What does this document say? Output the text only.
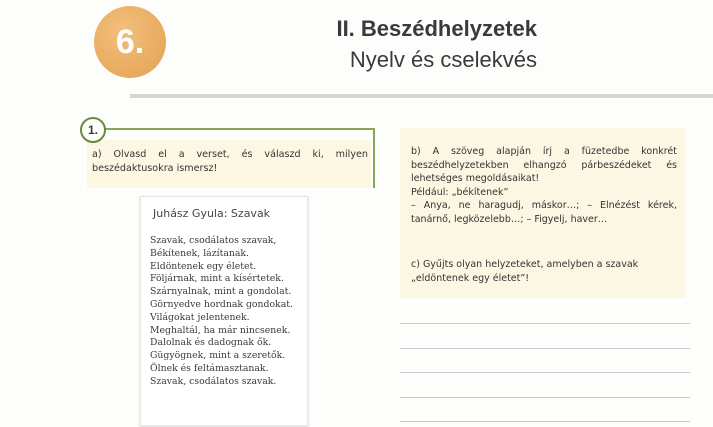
6.	II. Beszédhelyzetek
Nyelv és cselekvés
1.
a) Olvasd el a verset, és válaszd ki, milyen beszédaktusokra ismersz!
b) A szöveg alapján írj a füzetedbe konkrét beszédhelyzetekben elhangzó párbeszédeket és lehetséges megoldásaikat!
Például: „békítenek”
– Anya, ne haragudj, máskor…; – Elnézést kérek, tanárnő, legközelebb…; – Figyelj, haver…
c) Gyűjts olyan helyzeteket, amelyben a szavak „eldöntenek egy életet”!
Juhász Gyula: Szavak
Szavak, csodálatos szavak,
Békítenek, lázítanak.
Eldöntenek egy életet.
Följárnak, mint a kísértetek.
Szárnyalnak, mint a gondolat.
Görnyedve hordnak gondokat.
Világokat jelentenek.
Meghaltál, ha már nincsenek.
Dalolnak és dadognak ők.
Gügyögnek, mint a szeretők.
Ölnek és feltámasztanak.
Szavak, csodálatos szavak.
